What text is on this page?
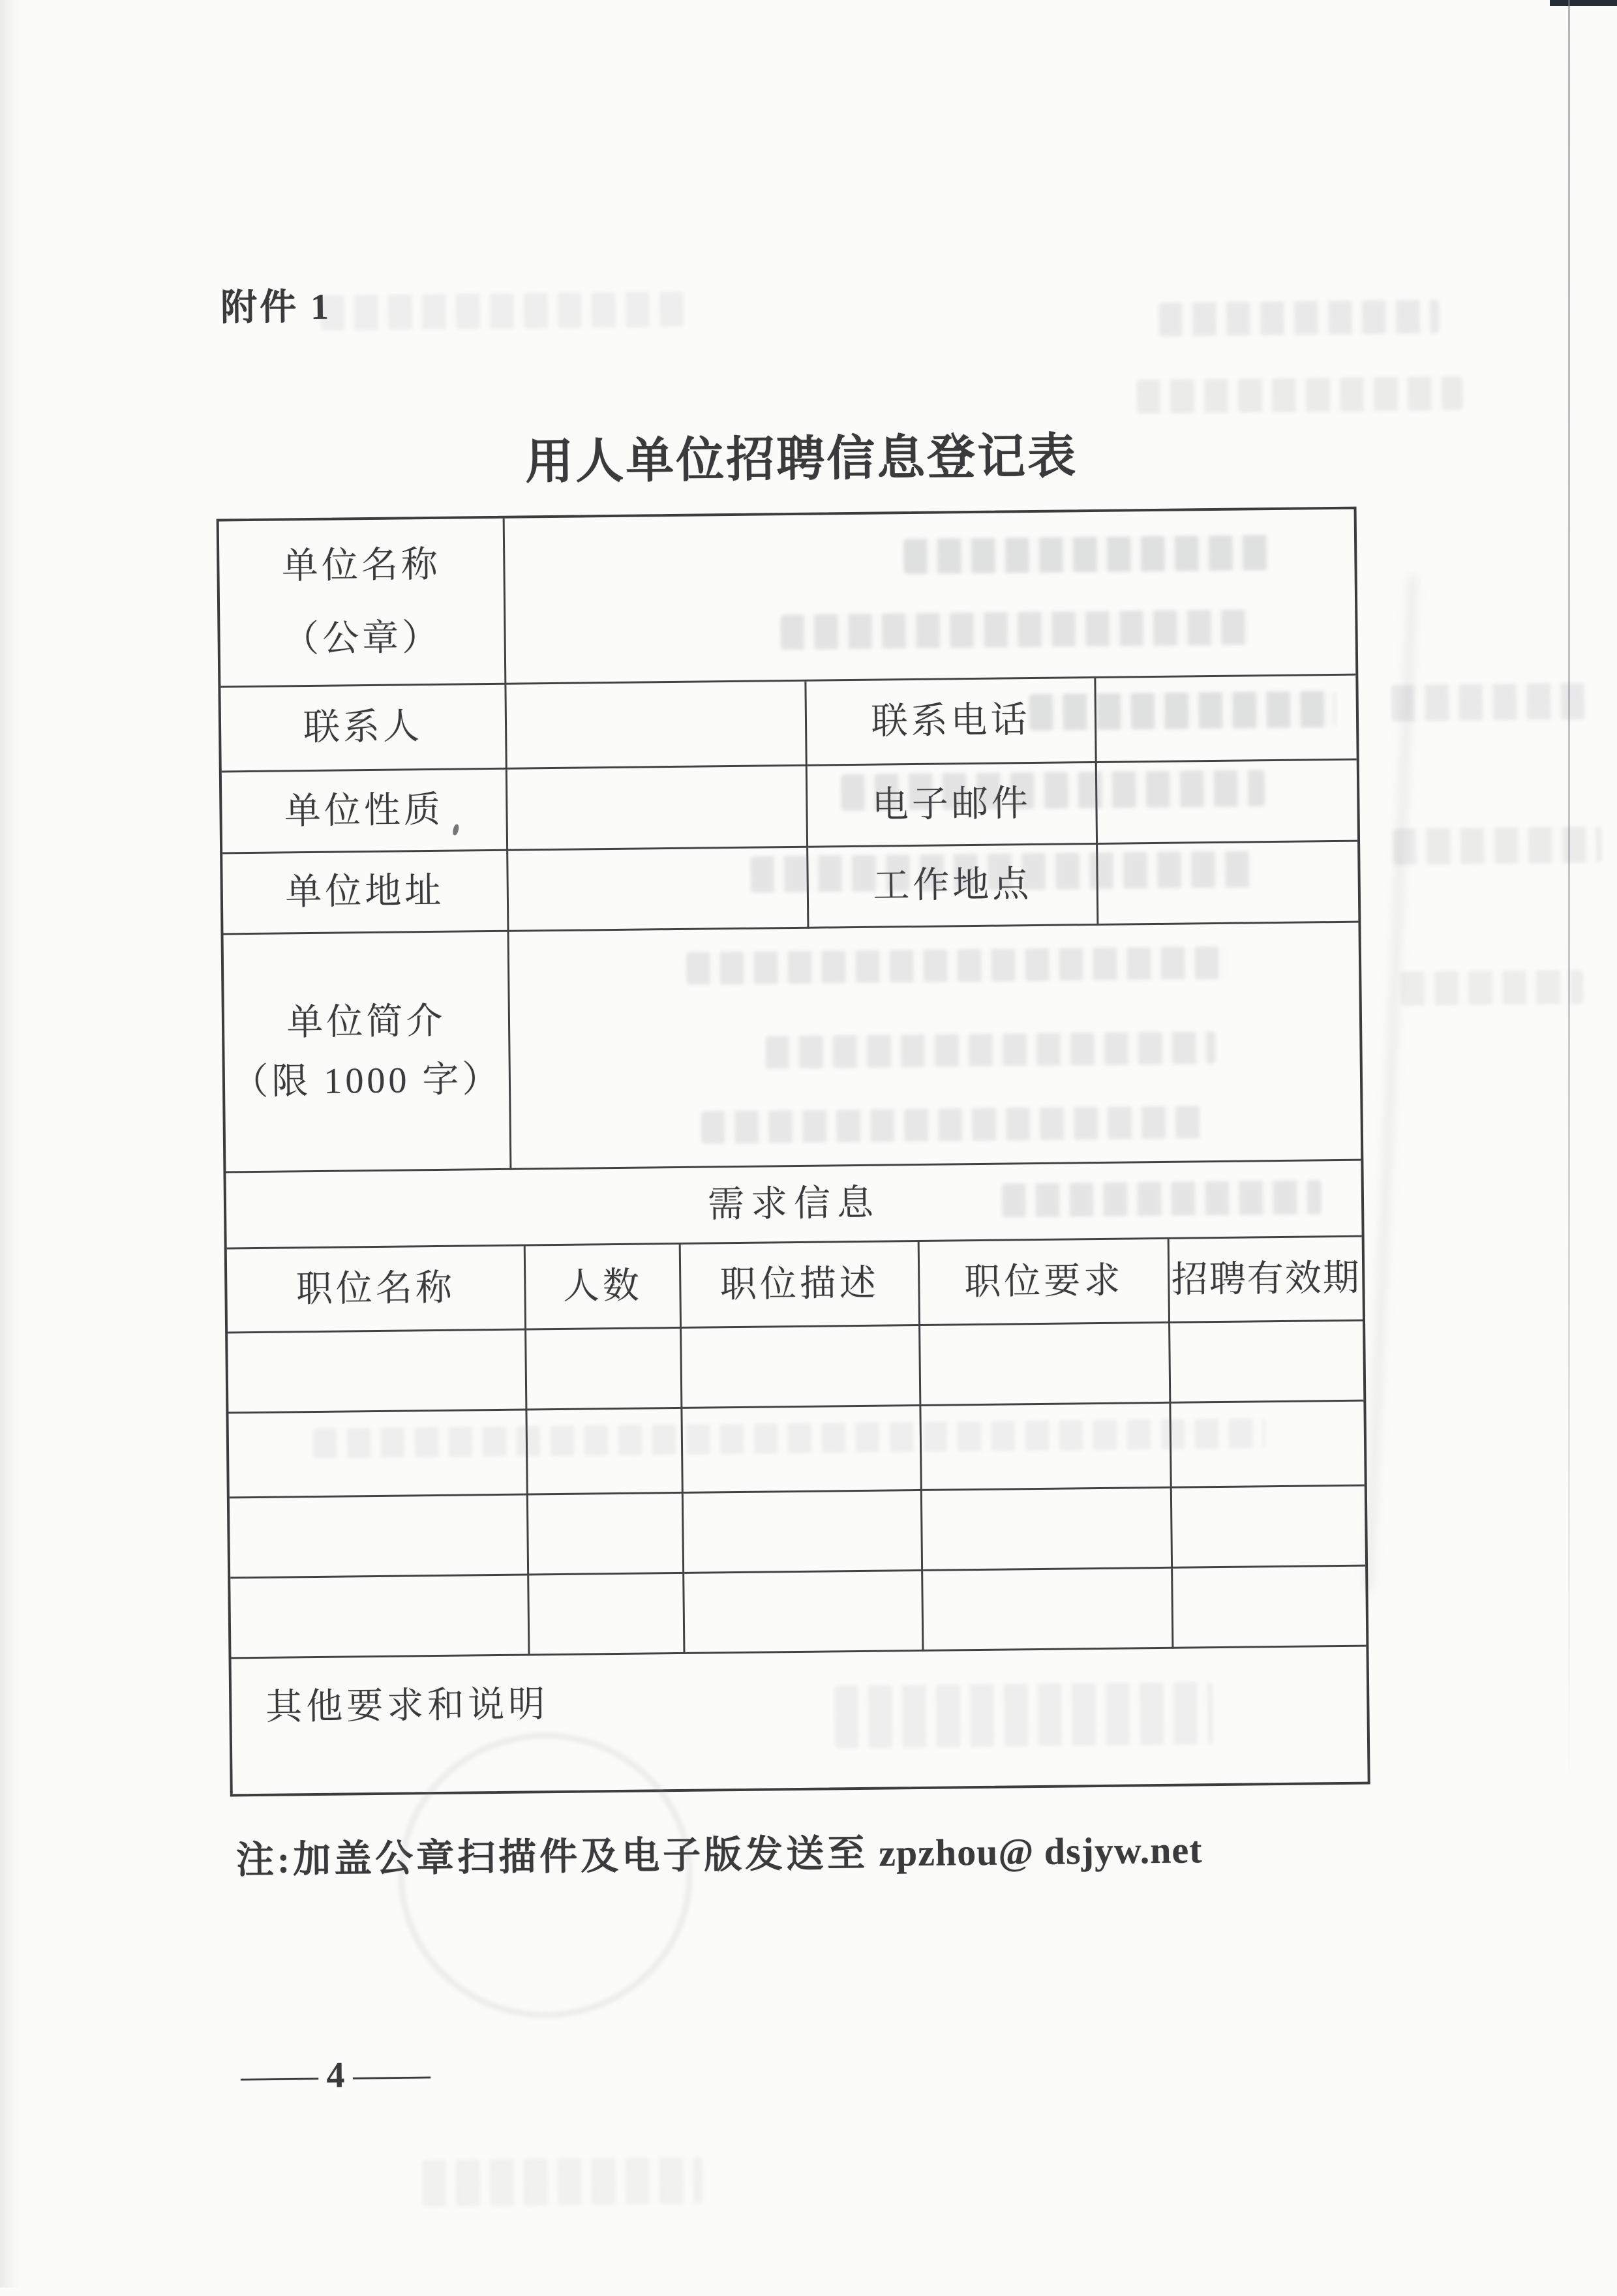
附件 1
用人单位招聘信息登记表
单位名称
（公章）
联系人	联系电话
单位性质	电子邮件
单位地址	工作地点
单位简介
（限 1000 字）
需求信息
职位名称	人数	职位描述	职位要求	招聘有效期
其他要求和说明
注:加盖公章扫描件及电子版发送至 zpzhou@ dsjyw.net
— 4 —
